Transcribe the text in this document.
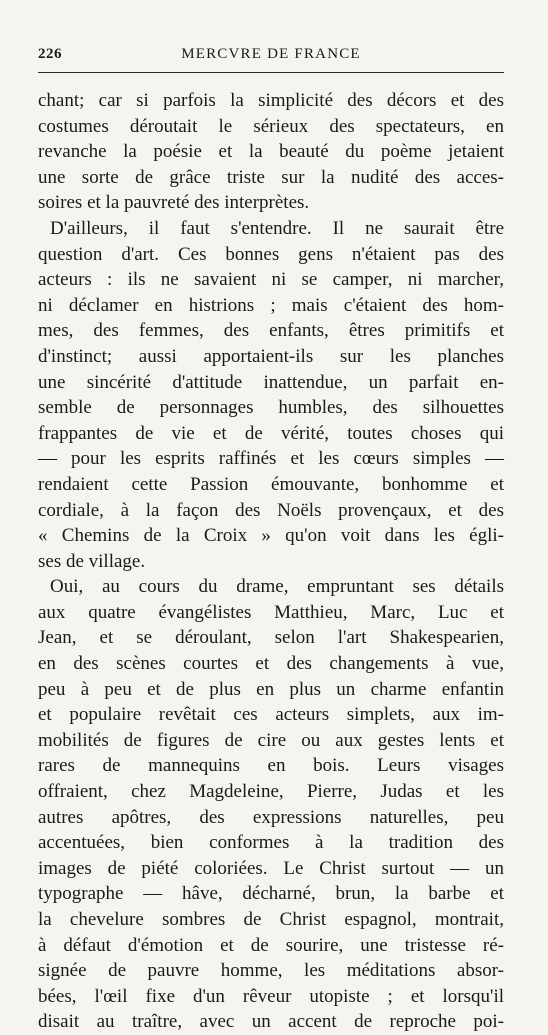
226	MERCVRE DE FRANCE
chant; car si parfois la simplicité des décors et des
costumes déroutait le sérieux des spectateurs, en
revanche la poésie et la beauté du poème jetaient
une sorte de grâce triste sur la nudité des acces-
soires et la pauvreté des interprètes.
D'ailleurs, il faut s'entendre. Il ne saurait être
question d'art. Ces bonnes gens n'étaient pas des
acteurs : ils ne savaient ni se camper, ni marcher,
ni déclamer en histrions ; mais c'étaient des hom-
mes, des femmes, des enfants, êtres primitifs et
d'instinct; aussi apportaient-ils sur les planches
une sincérité d'attitude inattendue, un parfait en-
semble de personnages humbles, des silhouettes
frappantes de vie et de vérité, toutes choses qui
— pour les esprits raffinés et les cœurs simples —
rendaient cette Passion émouvante, bonhomme et
cordiale, à la façon des Noëls provençaux, et des
« Chemins de la Croix » qu'on voit dans les égli-
ses de village.
Oui, au cours du drame, empruntant ses détails
aux quatre évangélistes Matthieu, Marc, Luc et
Jean, et se déroulant, selon l'art Shakespearien,
en des scènes courtes et des changements à vue,
peu à peu et de plus en plus un charme enfantin
et populaire revêtait ces acteurs simplets, aux im-
mobilités de figures de cire ou aux gestes lents et
rares de mannequins en bois. Leurs visages
offraient, chez Magdeleine, Pierre, Judas et les
autres apôtres, des expressions naturelles, peu
accentuées, bien conformes à la tradition des
images de piété coloriées. Le Christ surtout — un
typographe — hâve, décharné, brun, la barbe et
la chevelure sombres de Christ espagnol, montrait,
à défaut d'émotion et de sourire, une tristesse ré-
signée de pauvre homme, les méditations absor-
bées, l'œil fixe d'un rêveur utopiste ; et lorsqu'il
disait au traître, avec un accent de reproche poi-
